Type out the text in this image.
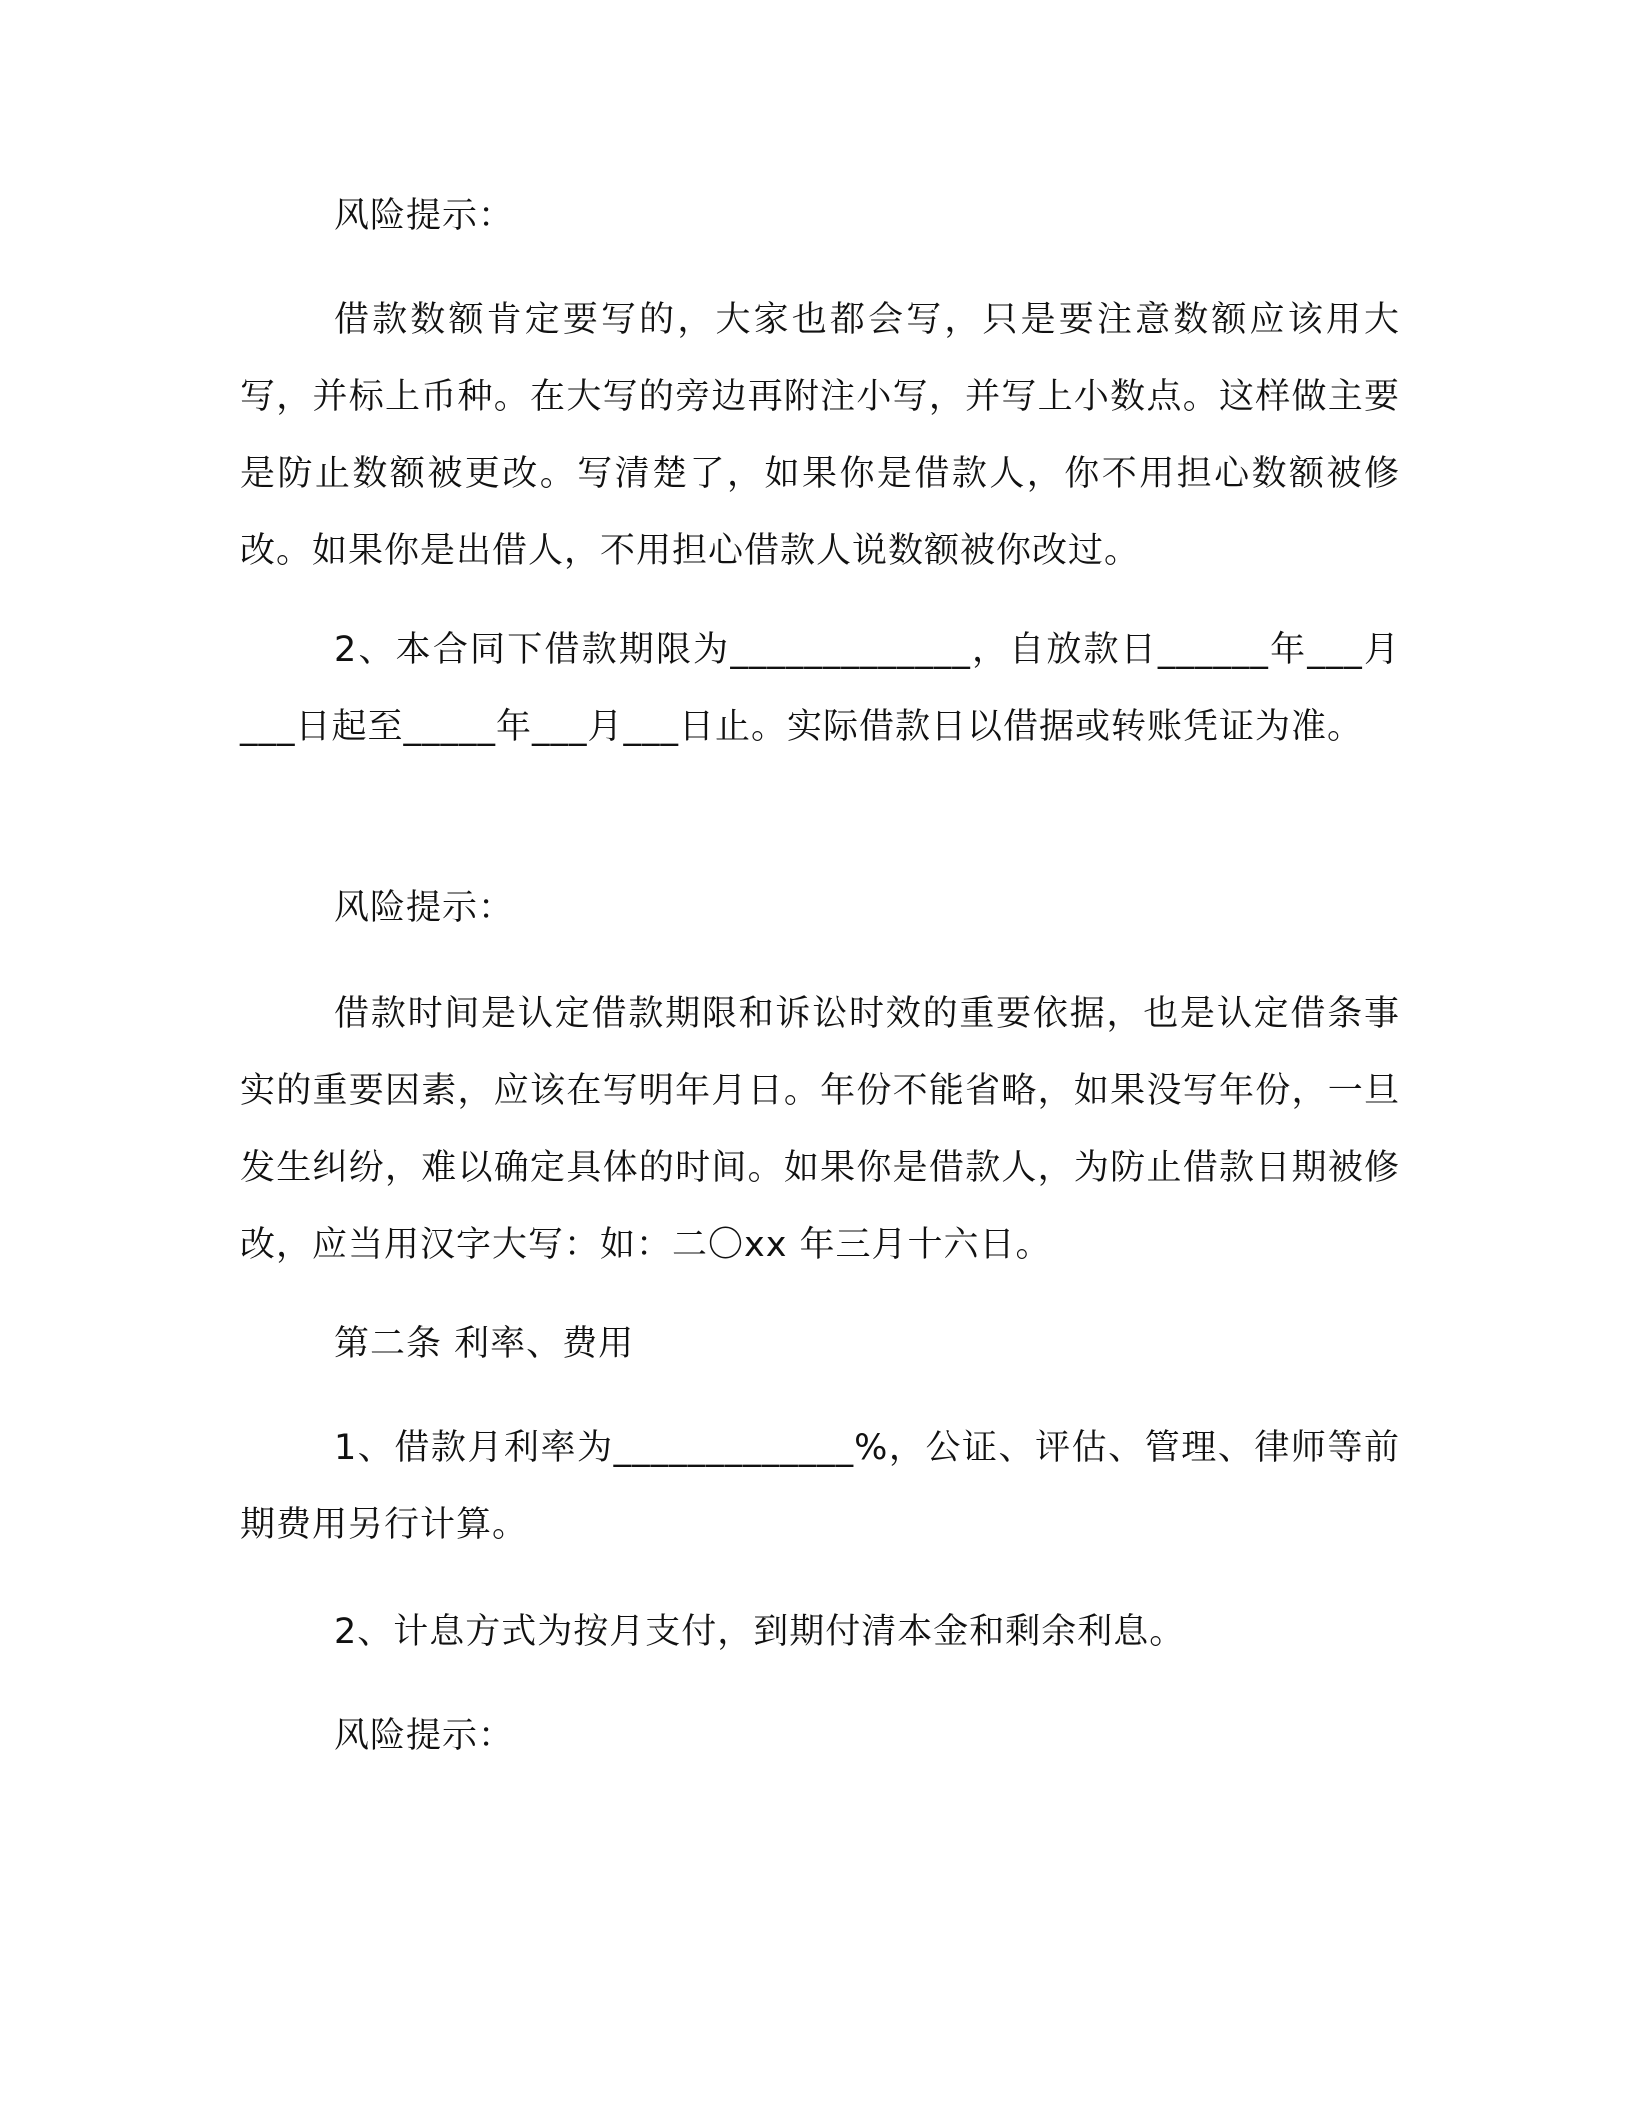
风险提示：

借款数额肯定要写的，大家也都会写，只是要注意数额应该用大写，并标上币种。在大写的旁边再附注小写，并写上小数点。这样做主要是防止数额被更改。写清楚了，如果你是借款人，你不用担心数额被修改。如果你是出借人，不用担心借款人说数额被你改过。

2、本合同下借款期限为_____________，自放款日______年___月___日起至_____年___月___日止。实际借款日以借据或转账凭证为准。

风险提示：

借款时间是认定借款期限和诉讼时效的重要依据，也是认定借条事实的重要因素，应该在写明年月日。年份不能省略，如果没写年份，一旦发生纠纷，难以确定具体的时间。如果你是借款人，为防止借款日期被修改，应当用汉字大写：如：二〇xx 年三月十六日。

第二条 利率、费用

1、借款月利率为_____________%，公证、评估、管理、律师等前期费用另行计算。

2、计息方式为按月支付，到期付清本金和剩余利息。

风险提示：
